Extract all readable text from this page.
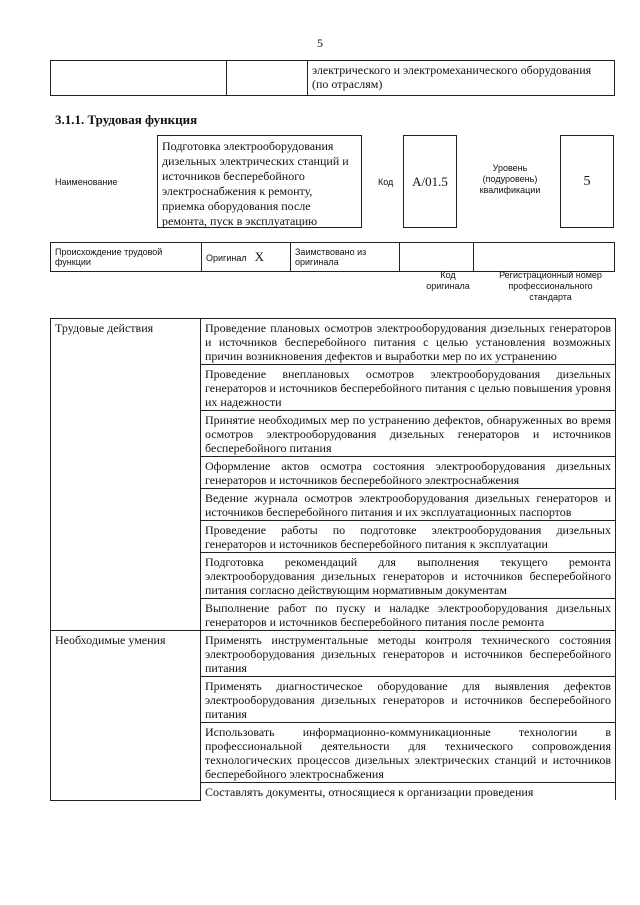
5
		электрического и электромеханического оборудования (по отраслям)
3.1.1. Трудовая функция
Наименование
Подготовка электрооборудования дизельных электрических станций и источников бесперебойного электроснабжения к ремонту, приемка оборудования после ремонта, пуск в эксплуатацию
Код	A/01.5
Уровень (подуровень) квалификации
5
Происхождение трудовой функции	Оригинал X	Заимствовано из оригинала		
Код оригинала
Регистрационный номер профессионального стандарта
Трудовые действия	Проведение плановых осмотров электрооборудования дизельных генераторов и источников бесперебойного питания с целью установления возможных причин возникновения дефектов и выработки мер по их устранению
	Проведение внеплановых осмотров электрооборудования дизельных генераторов и источников бесперебойного питания с целью повышения уровня их надежности
	Принятие необходимых мер по устранению дефектов, обнаруженных во время осмотров электрооборудования дизельных генераторов и источников бесперебойного питания
	Оформление актов осмотра состояния электрооборудования дизельных генераторов и источников бесперебойного электроснабжения
	Ведение журнала осмотров электрооборудования дизельных генераторов и источников бесперебойного питания и их эксплуатационных паспортов
	Проведение работы по подготовке электрооборудования дизельных генераторов и источников бесперебойного питания к эксплуатации
	Подготовка рекомендаций для выполнения текущего ремонта электрооборудования дизельных генераторов и источников бесперебойного питания согласно действующим нормативным документам
	Выполнение работ по пуску и наладке электрооборудования дизельных генераторов и источников бесперебойного питания после ремонта
Необходимые умения	Применять инструментальные методы контроля технического состояния электрооборудования дизельных генераторов и источников бесперебойного питания
	Применять диагностическое оборудование для выявления дефектов электрооборудования дизельных генераторов и источников бесперебойного питания
	Использовать информационно-коммуникационные технологии в профессиональной деятельности для технического сопровождения технологических процессов дизельных электрических станций и источников бесперебойного электроснабжения
	Составлять документы, относящиеся к организации проведения
